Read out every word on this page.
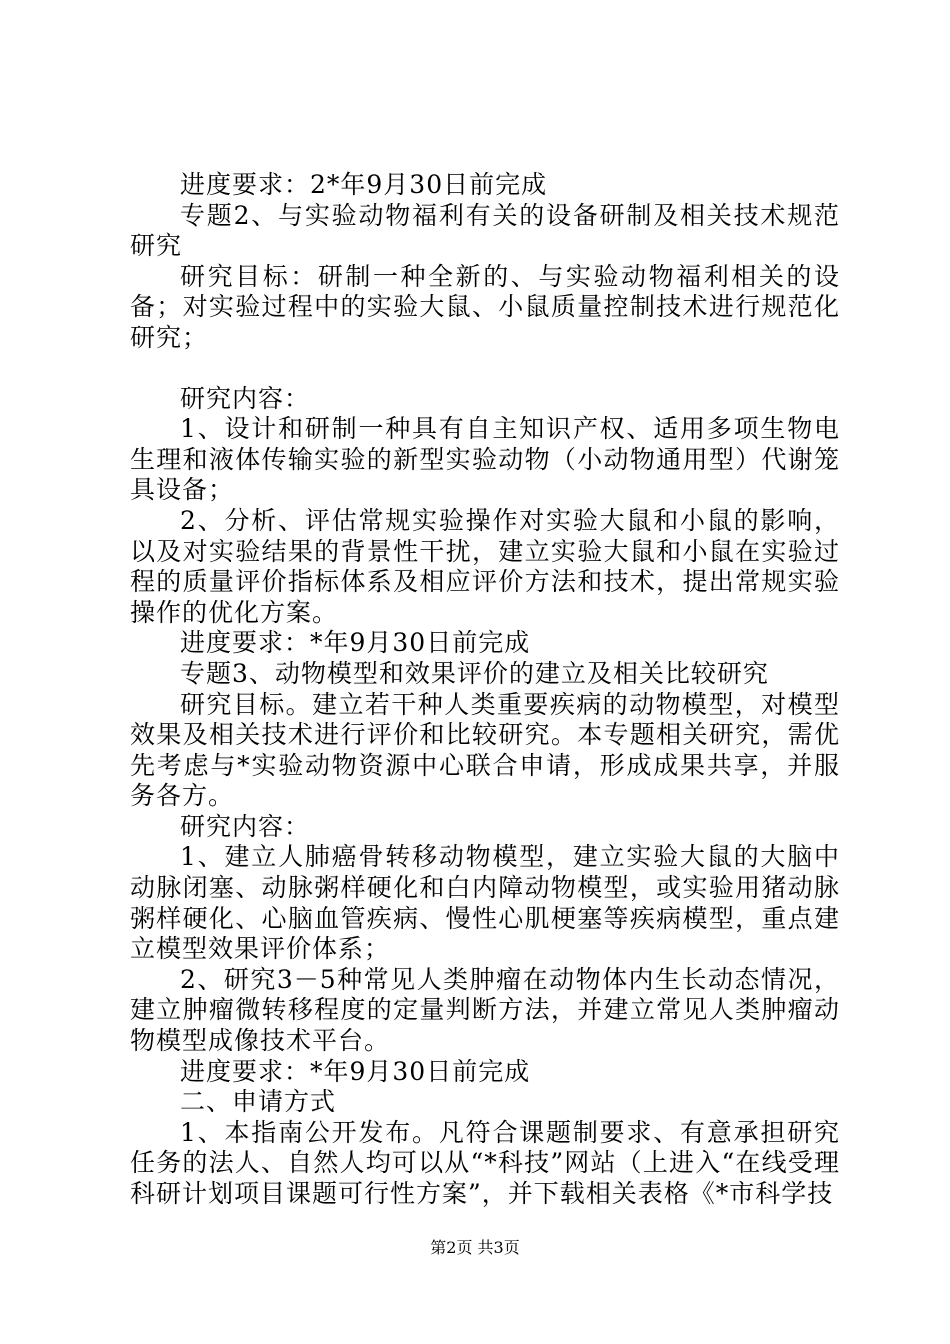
进度要求：2*年9月30日前完成

专题2、与实验动物福利有关的设备研制及相关技术规范研究

研究目标：研制一种全新的、与实验动物福利相关的设备；对实验过程中的实验大鼠、小鼠质量控制技术进行规范化研究；

研究内容：

1、设计和研制一种具有自主知识产权、适用多项生物电生理和液体传输实验的新型实验动物（小动物通用型）代谢笼具设备；

2、分析、评估常规实验操作对实验大鼠和小鼠的影响，以及对实验结果的背景性干扰，建立实验大鼠和小鼠在实验过程的质量评价指标体系及相应评价方法和技术，提出常规实验操作的优化方案。

进度要求：*年9月30日前完成

专题3、动物模型和效果评价的建立及相关比较研究

研究目标。建立若干种人类重要疾病的动物模型，对模型效果及相关技术进行评价和比较研究。本专题相关研究，需优先考虑与*实验动物资源中心联合申请，形成成果共享，并服务各方。

研究内容：

1、建立人肺癌骨转移动物模型，建立实验大鼠的大脑中动脉闭塞、动脉粥样硬化和白内障动物模型，或实验用猪动脉粥样硬化、心脑血管疾病、慢性心肌梗塞等疾病模型，重点建立模型效果评价体系；

2、研究3－5种常见人类肿瘤在动物体内生长动态情况，建立肿瘤微转移程度的定量判断方法，并建立常见人类肿瘤动物模型成像技术平台。

进度要求：*年9月30日前完成

二、申请方式

1、本指南公开发布。凡符合课题制要求、有意承担研究任务的法人、自然人均可以从“*科技”网站（上进入“在线受理科研计划项目课题可行性方案”，并下载相关表格《*市科学技

第2页 共3页
